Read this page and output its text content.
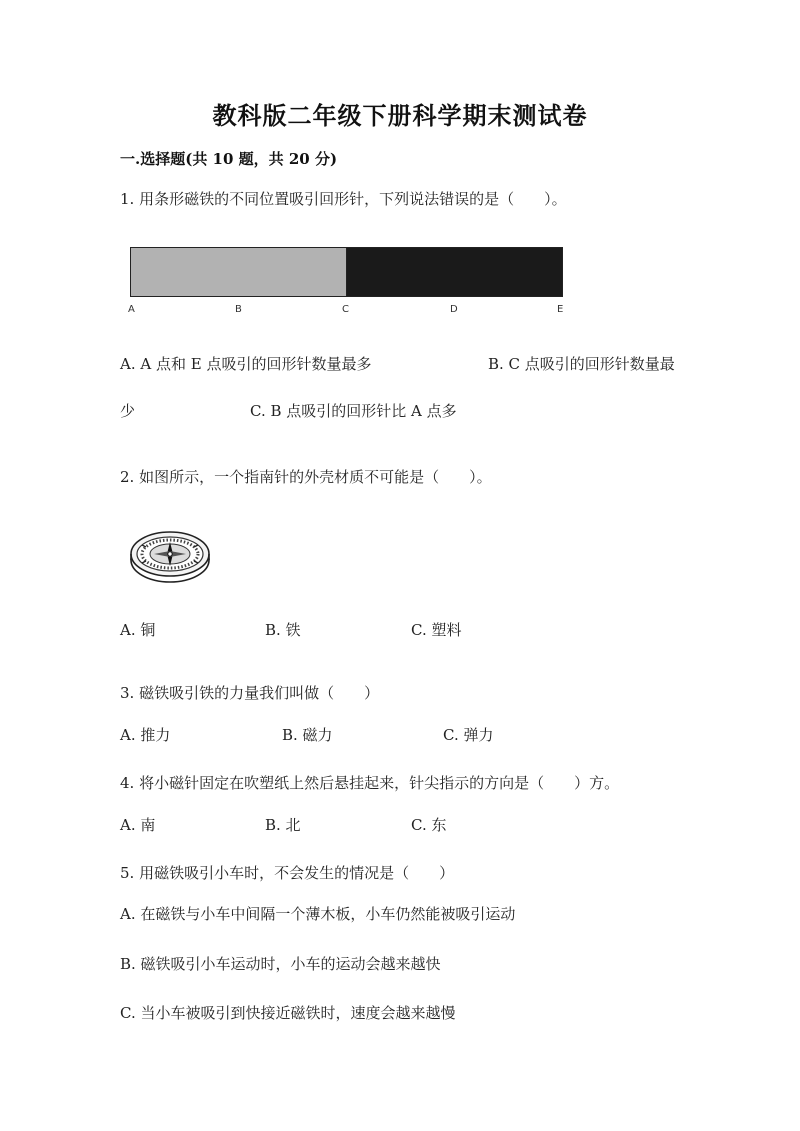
教科版二年级下册科学期末测试卷
一.选择题(共 10 题，共 20 分)
1. 用条形磁铁的不同位置吸引回形针，下列说法错误的是（　　）。
A	B	C	D	E
A. A 点和 E 点吸引的回形针数量最多	B. C 点吸引的回形针数量最
少	C. B 点吸引的回形针比 A 点多
2. 如图所示，一个指南针的外壳材质不可能是（　　）。
A. 铜	B. 铁	C. 塑料
3. 磁铁吸引铁的力量我们叫做（　　）
A. 推力	B. 磁力	C. 弹力
4. 将小磁针固定在吹塑纸上然后悬挂起来，针尖指示的方向是（　　）方。
A. 南	B. 北	C. 东
5. 用磁铁吸引小车时，不会发生的情况是（　　）
A. 在磁铁与小车中间隔一个薄木板，小车仍然能被吸引运动
B. 磁铁吸引小车运动时，小车的运动会越来越快
C. 当小车被吸引到快接近磁铁时，速度会越来越慢
